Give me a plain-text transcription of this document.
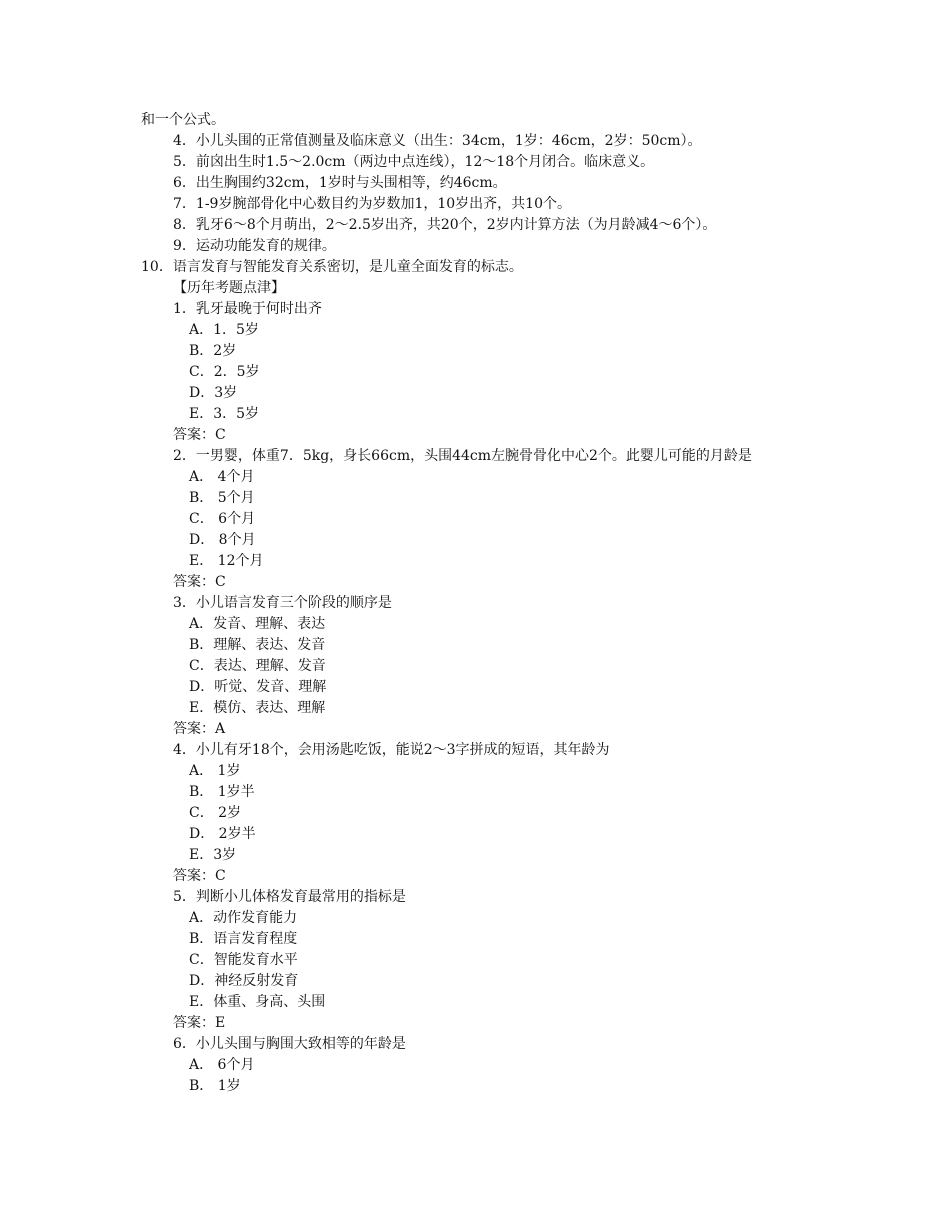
和一个公式。
4．小儿头围的正常值测量及临床意义（出生：34cm，1岁：46cm，2岁：50cm）。
5．前囟出生时1.5～2.0cm（两边中点连线），12～18个月闭合。临床意义。
6．出生胸围约32cm，1岁时与头围相等，约46cm。
7．1-9岁腕部骨化中心数目约为岁数加1，10岁出齐，共10个。
8．乳牙6～8个月萌出，2～2.5岁出齐，共20个，2岁内计算方法（为月龄减4～6个）。
9．运动功能发育的规律。
10．语言发育与智能发育关系密切，是儿童全面发育的标志。
【历年考题点津】
1．乳牙最晚于何时出齐
A．1．5岁
B．2岁
C．2．5岁
D．3岁
E．3．5岁
答案：C
2．一男婴，体重7．5kg，身长66cm，头围44cm左腕骨骨化中心2个。此婴儿可能的月龄是
A． 4个月
B． 5个月
C． 6个月
D． 8个月
E． 12个月
答案：C
3．小儿语言发育三个阶段的顺序是
A．发音、理解、表达
B．理解、表达、发音
C．表达、理解、发音
D．听觉、发音、理解
E．模仿、表达、理解
答案：A
4．小儿有牙18个，会用汤匙吃饭，能说2～3字拼成的短语，其年龄为
A． 1岁
B． 1岁半
C． 2岁
D． 2岁半
E．3岁
答案：C
5．判断小儿体格发育最常用的指标是
A．动作发育能力
B．语言发育程度
C．智能发育水平
D．神经反射发育
E．体重、身高、头围
答案：E
6．小儿头围与胸围大致相等的年龄是
A． 6个月
B． 1岁
